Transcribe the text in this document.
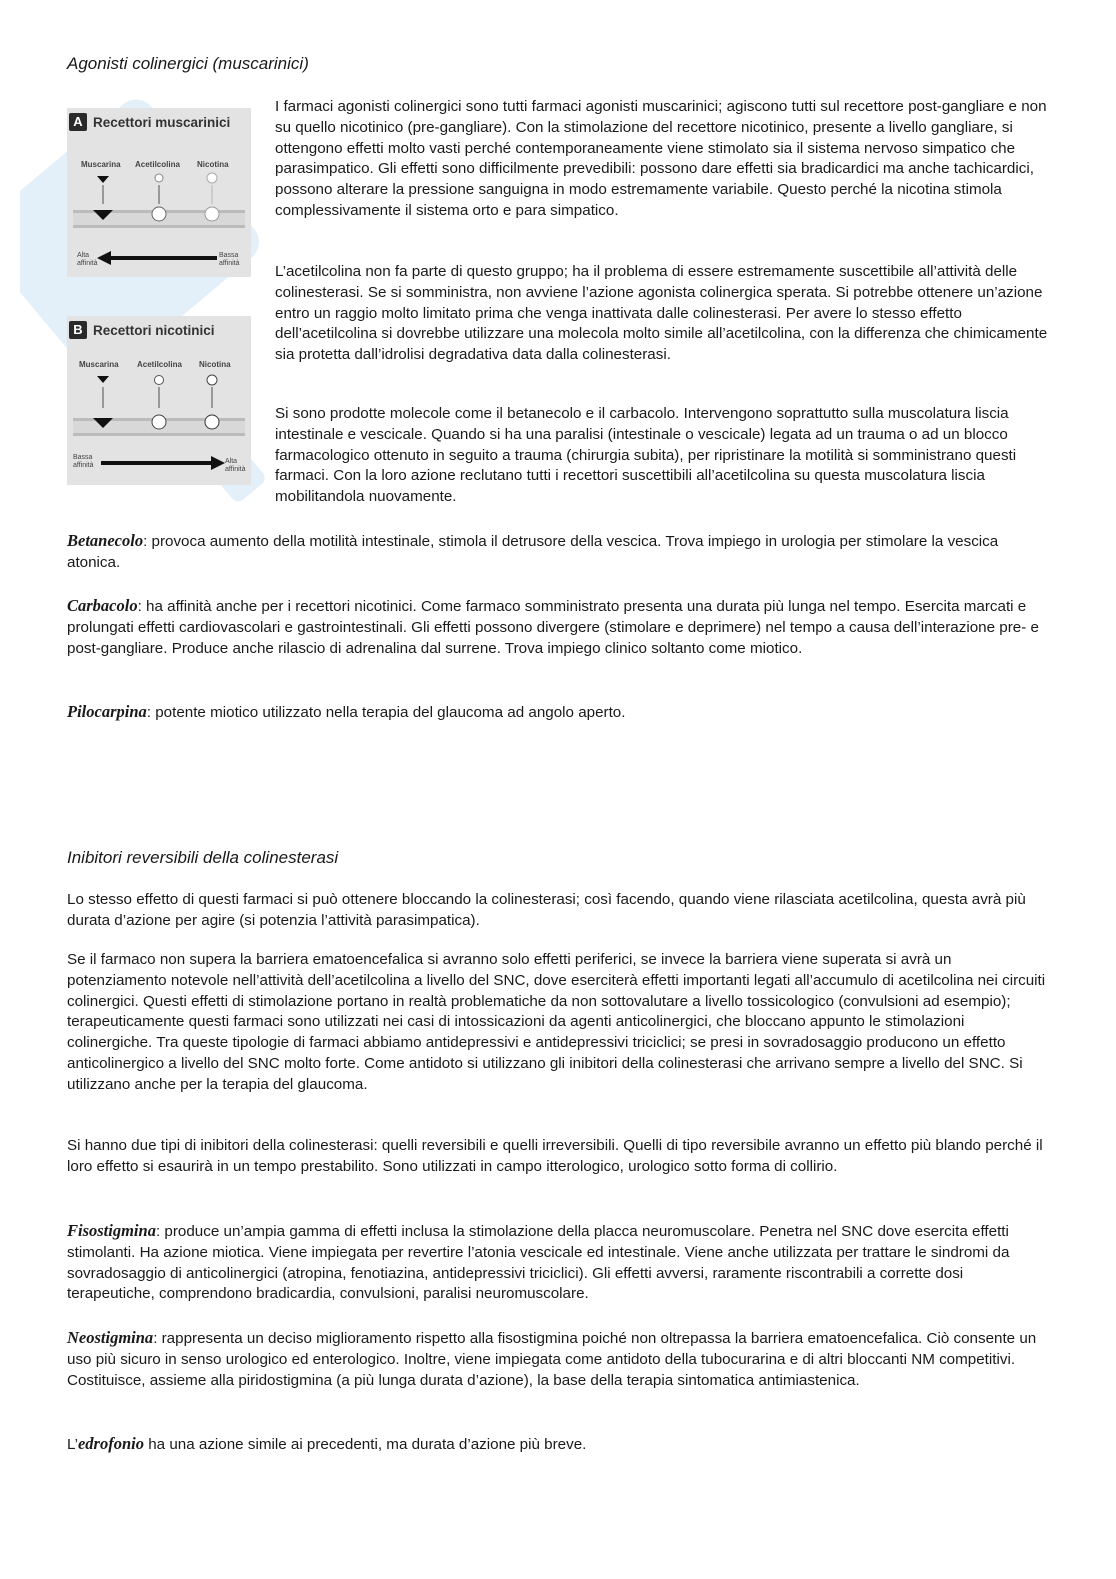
Agonisti colinergici (muscarinici)
A Recettori muscarinici
Muscarina Acetilcolina Nicotina
Alta
affinità
Bassa
affinità
B Recettori nicotinici
Muscarina Acetilcolina Nicotina
Bassa
affinità
Alta
affinità

I farmaci agonisti colinergici sono tutti farmaci agonisti muscarinici; agiscono tutti sul recettore post-gangliare e non su quello nicotinico (pre-gangliare). Con la stimolazione del recettore nicotinico, presente a livello gangliare, si ottengono effetti molto vasti perché contemporaneamente viene stimolato sia il sistema nervoso simpatico che parasimpatico. Gli effetti sono difficilmente prevedibili: possono dare effetti sia bradicardici ma anche tachicardici, possono alterare la pressione sanguigna in modo estremamente variabile. Questo perché la nicotina stimola complessivamente il sistema orto e para simpatico.

L’acetilcolina non fa parte di questo gruppo; ha il problema di essere estremamente suscettibile all’attività delle colinesterasi. Se si somministra, non avviene l’azione agonista colinergica sperata. Si potrebbe ottenere un’azione entro un raggio molto limitato prima che venga inattivata dalle colinesterasi. Per avere lo stesso effetto dell’acetilcolina si dovrebbe utilizzare una molecola molto simile all’acetilcolina, con la differenza che chimicamente sia protetta dall’idrolisi degradativa data dalla colinesterasi.

Si sono prodotte molecole come il betanecolo e il carbacolo. Intervengono soprattutto sulla muscolatura liscia intestinale e vescicale. Quando si ha una paralisi (intestinale o vescicale) legata ad un trauma o ad un blocco farmacologico ottenuto in seguito a trauma (chirurgia subita), per ripristinare la motilità si somministrano questi farmaci. Con la loro azione reclutano tutti i recettori suscettibili all’acetilcolina su questa muscolatura liscia mobilitandola nuovamente.

Betanecolo: provoca aumento della motilità intestinale, stimola il detrusore della vescica. Trova impiego in urologia per stimolare la vescica atonica.

Carbacolo: ha affinità anche per i recettori nicotinici. Come farmaco somministrato presenta una durata più lunga nel tempo. Esercita marcati e prolungati effetti cardiovascolari e gastrointestinali. Gli effetti possono divergere (stimolare e deprimere) nel tempo a causa dell’interazione pre- e post-gangliare. Produce anche rilascio di adrenalina dal surrene. Trova impiego clinico soltanto come miotico.

Pilocarpina: potente miotico utilizzato nella terapia del glaucoma ad angolo aperto.

Inibitori reversibili della colinesterasi

Lo stesso effetto di questi farmaci si può ottenere bloccando la colinesterasi; così facendo, quando viene rilasciata acetilcolina, questa avrà più durata d’azione per agire (si potenzia l’attività parasimpatica).

Se il farmaco non supera la barriera ematoencefalica si avranno solo effetti periferici, se invece la barriera viene superata si avrà un potenziamento notevole nell’attività dell’acetilcolina a livello del SNC, dove eserciterà effetti importanti legati all’accumulo di acetilcolina nei circuiti colinergici. Questi effetti di stimolazione portano in realtà problematiche da non sottovalutare a livello tossicologico (convulsioni ad esempio); terapeuticamente questi farmaci sono utilizzati nei casi di intossicazioni da agenti anticolinergici, che bloccano appunto le stimolazioni colinergiche. Tra queste tipologie di farmaci abbiamo antidepressivi e antidepressivi triciclici; se presi in sovradosaggio producono un effetto anticolinergico a livello del SNC molto forte. Come antidoto si utilizzano gli inibitori della colinesterasi che arrivano sempre a livello del SNC. Si utilizzano anche per la terapia del glaucoma.

Si hanno due tipi di inibitori della colinesterasi: quelli reversibili e quelli irreversibili. Quelli di tipo reversibile avranno un effetto più blando perché il loro effetto si esaurirà in un tempo prestabilito. Sono utilizzati in campo itterologico, urologico sotto forma di collirio.

Fisostigmina: produce un’ampia gamma di effetti inclusa la stimolazione della placca neuromuscolare. Penetra nel SNC dove esercita effetti stimolanti. Ha azione miotica. Viene impiegata per revertire l’atonia vescicale ed intestinale. Viene anche utilizzata per trattare le sindromi da sovradosaggio di anticolinergici (atropina, fenotiazina, antidepressivi triciclici). Gli effetti avversi, raramente riscontrabili a corrette dosi terapeutiche, comprendono bradicardia, convulsioni, paralisi neuromuscolare.

Neostigmina: rappresenta un deciso miglioramento rispetto alla fisostigmina poiché non oltrepassa la barriera ematoencefalica. Ciò consente un uso più sicuro in senso urologico ed enterologico. Inoltre, viene impiegata come antidoto della tubocurarina e di altri bloccanti NM competitivi. Costituisce, assieme alla piridostigmina (a più lunga durata d’azione), la base della terapia sintomatica antimiastenica.

L’edrofonio ha una azione simile ai precedenti, ma durata d’azione più breve.
